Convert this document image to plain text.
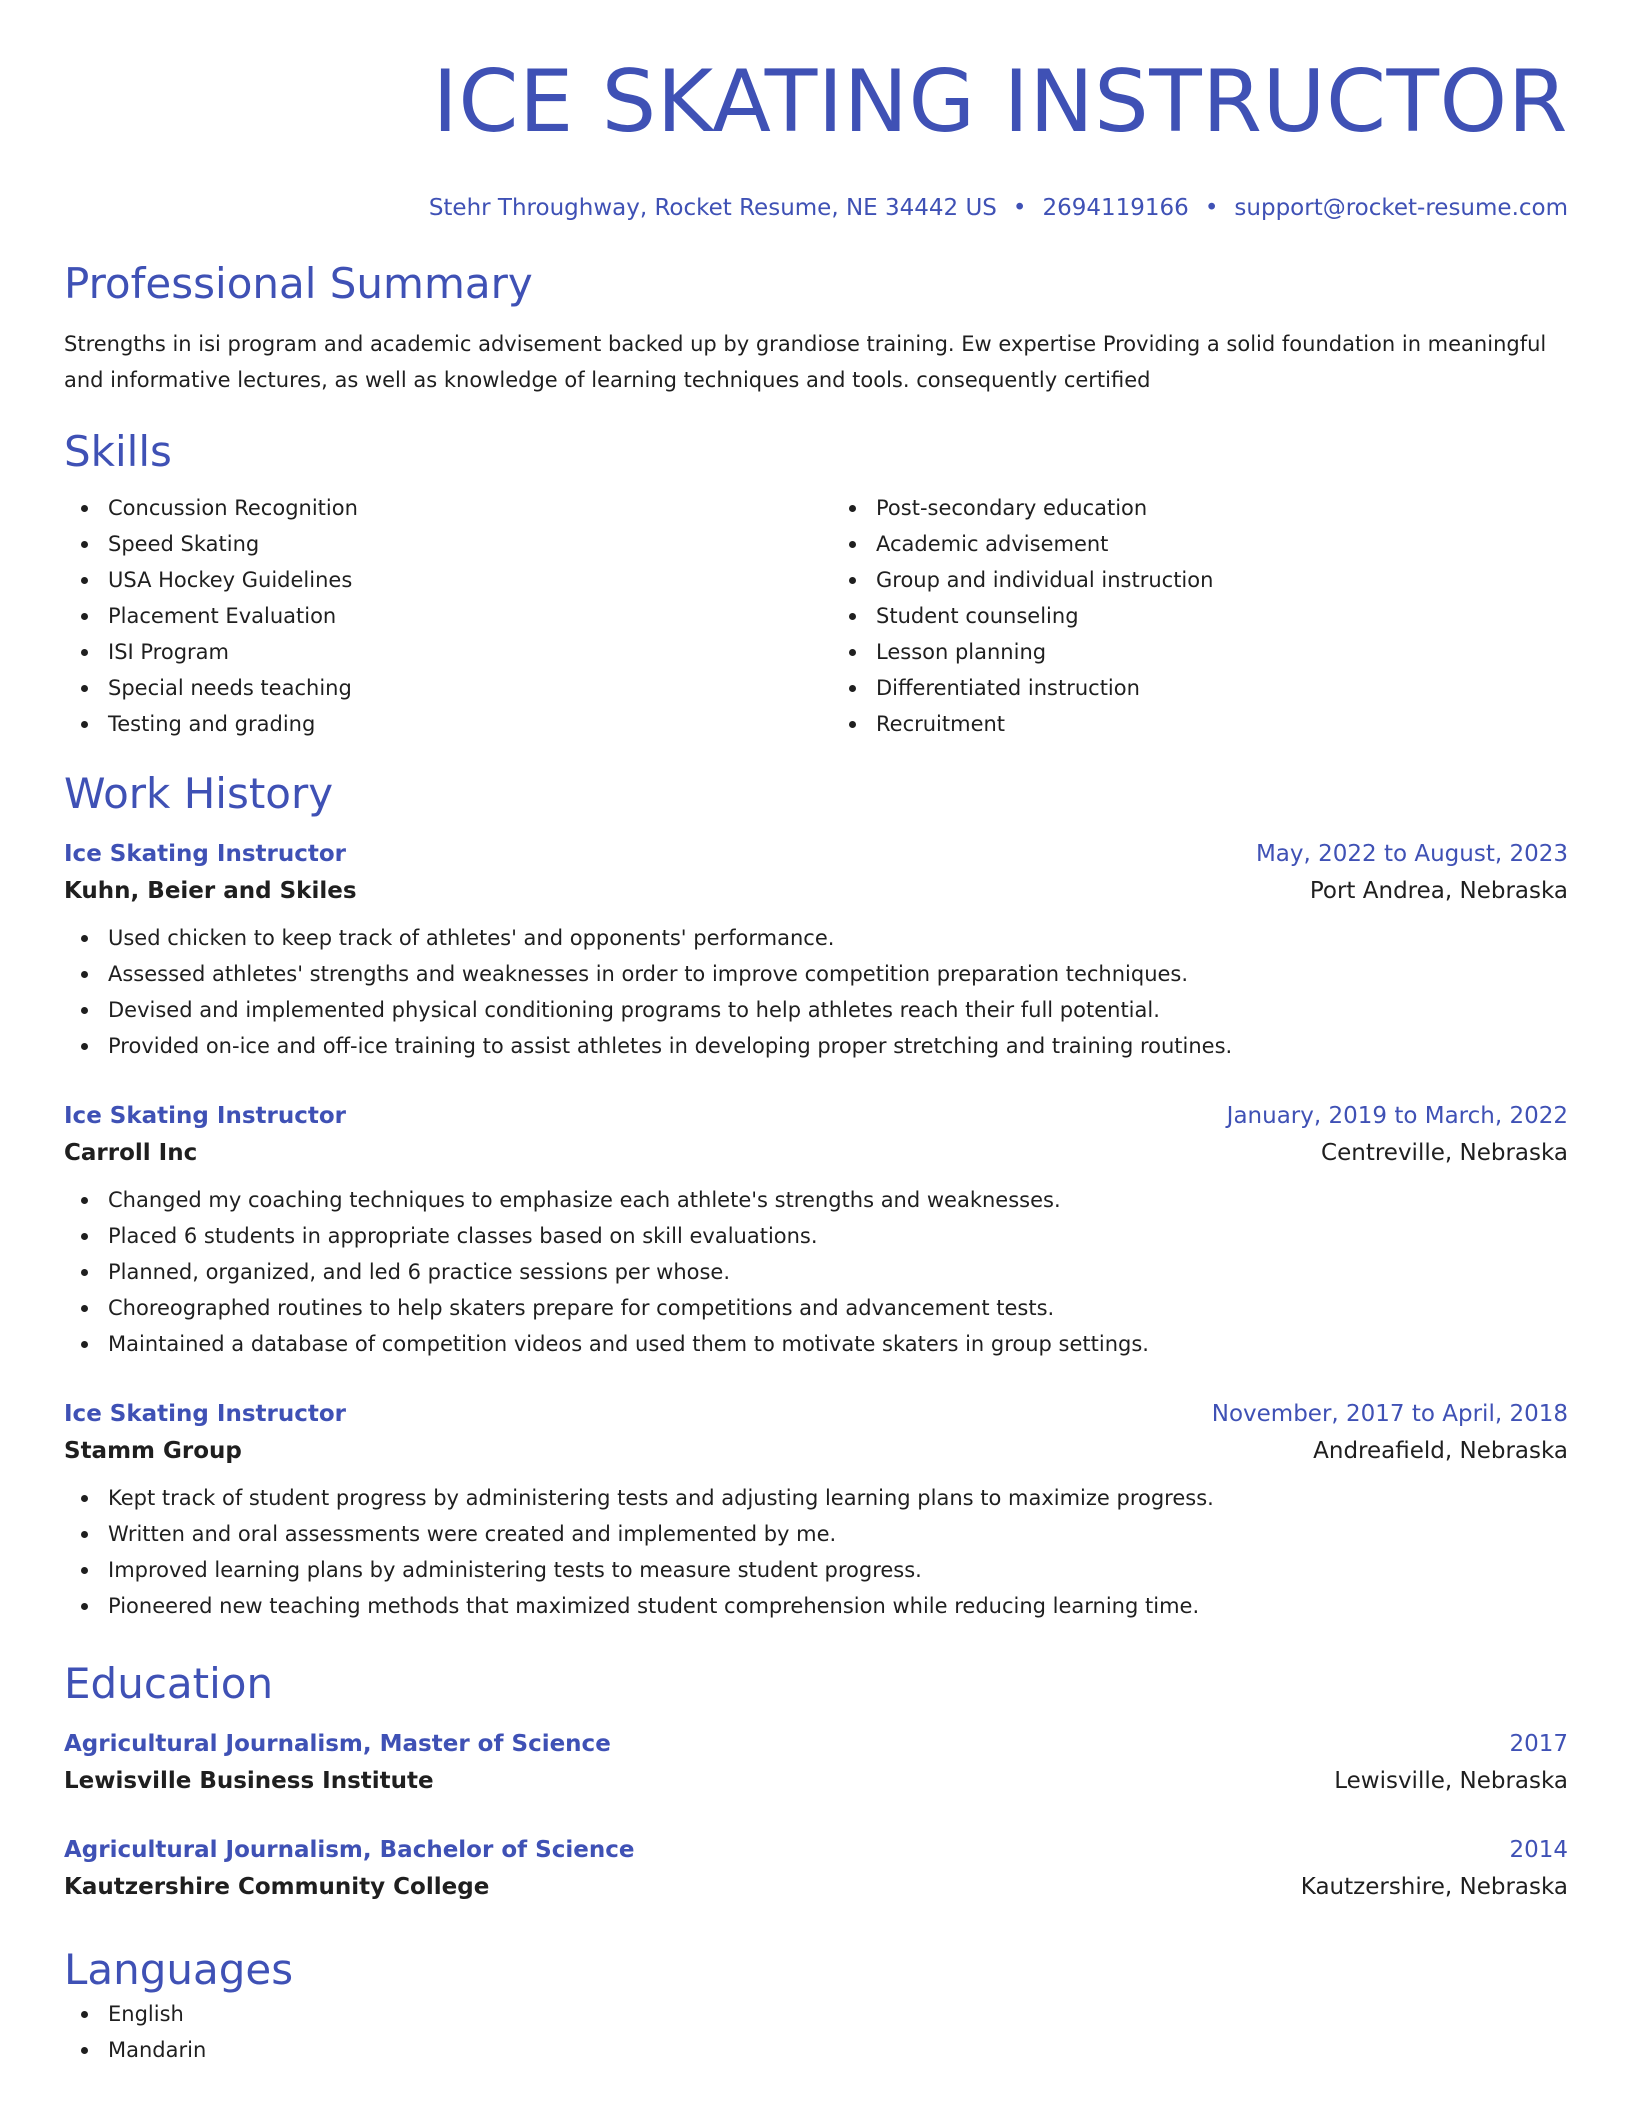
ICE SKATING INSTRUCTOR
Stehr Throughway, Rocket Resume, NE 34442 US • 2694119166 • support@rocket-resume.com
Professional Summary

Strengths in isi program and academic advisement backed up by grandiose training. Ew expertise Providing a solid foundation in meaningful and informative lectures, as well as knowledge of learning techniques and tools. consequently certified

Skills
Concussion Recognition
Speed Skating
USA Hockey Guidelines
Placement Evaluation
ISI Program
Special needs teaching
Testing and grading
Post-secondary education
Academic advisement
Group and individual instruction
Student counseling
Lesson planning
Differentiated instruction
Recruitment
Work History
Ice Skating Instructor	May, 2022 to August, 2023
Kuhn, Beier and Skiles	Port Andrea, Nebraska
Used chicken to keep track of athletes' and opponents' performance.
Assessed athletes' strengths and weaknesses in order to improve competition preparation techniques.
Devised and implemented physical conditioning programs to help athletes reach their full potential.
Provided on-ice and off-ice training to assist athletes in developing proper stretching and training routines.
Ice Skating Instructor	January, 2019 to March, 2022
Carroll Inc	Centreville, Nebraska
Changed my coaching techniques to emphasize each athlete's strengths and weaknesses.
Placed 6 students in appropriate classes based on skill evaluations.
Planned, organized, and led 6 practice sessions per whose.
Choreographed routines to help skaters prepare for competitions and advancement tests.
Maintained a database of competition videos and used them to motivate skaters in group settings.
Ice Skating Instructor	November, 2017 to April, 2018
Stamm Group	Andreafield, Nebraska
Kept track of student progress by administering tests and adjusting learning plans to maximize progress.
Written and oral assessments were created and implemented by me.
Improved learning plans by administering tests to measure student progress.
Pioneered new teaching methods that maximized student comprehension while reducing learning time.
Education
Agricultural Journalism, Master of Science	2017
Lewisville Business Institute	Lewisville, Nebraska
Agricultural Journalism, Bachelor of Science	2014
Kautzershire Community College	Kautzershire, Nebraska
Languages
English
Mandarin
